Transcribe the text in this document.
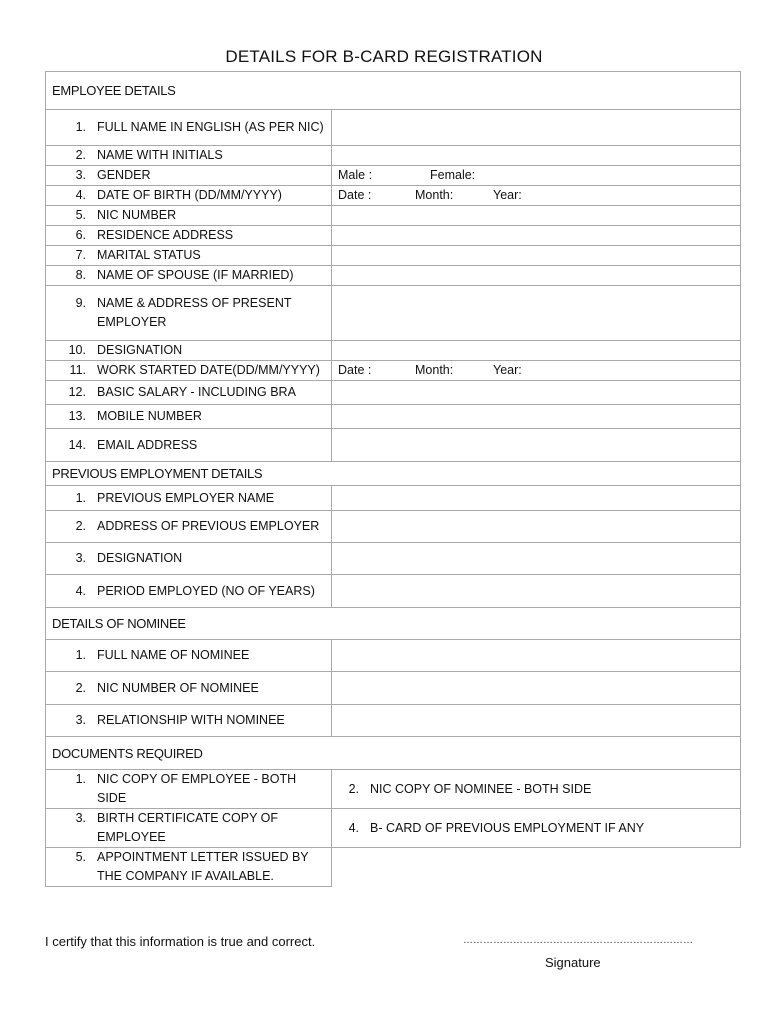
DETAILS FOR B-CARD REGISTRATION
EMPLOYEE DETAILS	

1. FULL NAME IN ENGLISH (AS PER NIC)	

2. NAME WITH INITIALS	

3. GENDER	Male : Female:

4. DATE OF BIRTH (DD/MM/YYYY)	Date : Month: Year:

5. NIC NUMBER	

6. RESIDENCE ADDRESS	

7. MARITAL STATUS	

8. NAME OF SPOUSE (IF MARRIED)	

9. NAME & ADDRESS OF PRESENT EMPLOYER	

10. DESIGNATION	

11. WORK STARTED DATE(DD/MM/YYYY)	Date : Month: Year:

12. BASIC SALARY - INCLUDING BRA	

13. MOBILE NUMBER	

14. EMAIL ADDRESS	

PREVIOUS EMPLOYMENT DETAILS	

1. PREVIOUS EMPLOYER NAME	

2. ADDRESS OF PREVIOUS EMPLOYER	

3. DESIGNATION	

4. PERIOD EMPLOYED (NO OF YEARS)	

DETAILS OF NOMINEE	

1. FULL NAME OF NOMINEE	

2. NIC NUMBER OF NOMINEE	

3. RELATIONSHIP WITH NOMINEE	

DOCUMENTS REQUIRED	

1. NIC COPY OF EMPLOYEE - BOTH SIDE	2. NIC COPY OF NOMINEE - BOTH SIDE

3. BIRTH CERTIFICATE COPY OF EMPLOYEE	4. B- CARD OF PREVIOUS EMPLOYMENT IF ANY

5. APPOINTMENT LETTER ISSUED BY THE COMPANY IF AVAILABLE.	

I certify that this information is true and correct.	……………………………………………………………
Signature
